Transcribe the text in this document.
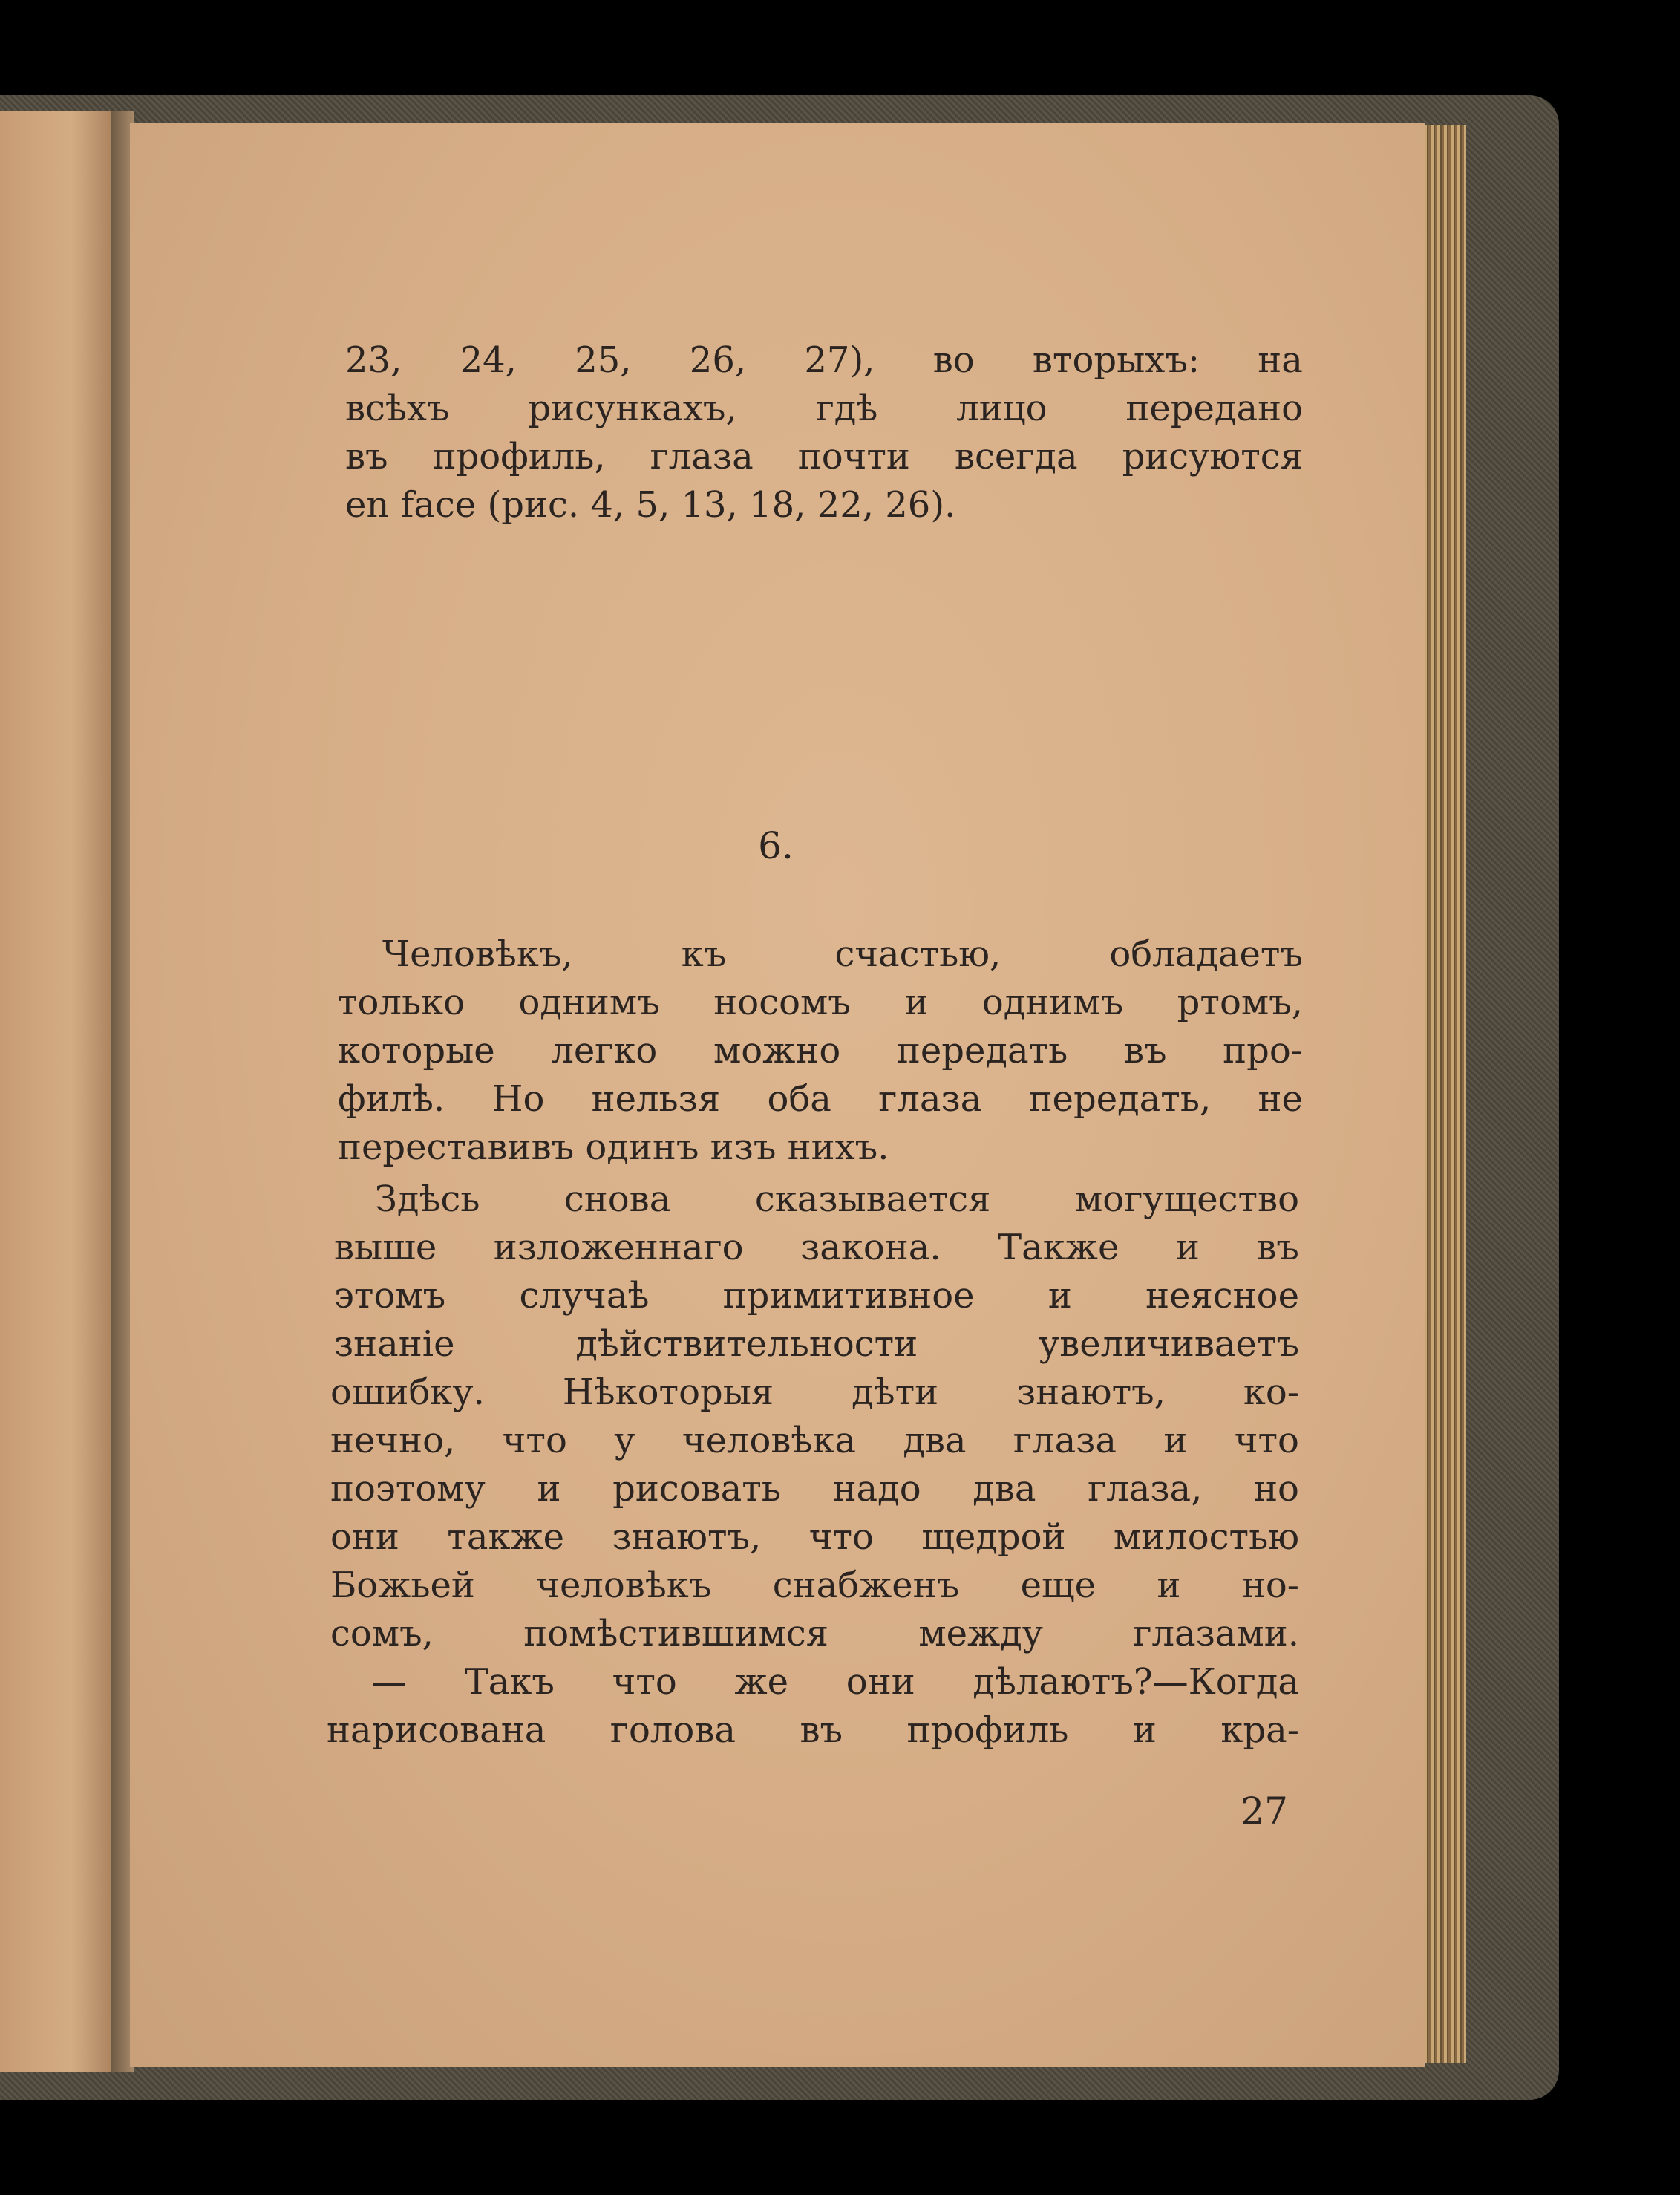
23, 24, 25, 26, 27), во вторыхъ: на
всѣхъ рисункахъ, гдѣ лицо передано
въ профиль, глаза почти всегда рисуются
en face (рис. 4, 5, 13, 18, 22, 26).
6.
Человѣкъ,	къ	счастью,	обладаетъ
только однимъ носомъ и однимъ ртомъ,
которые легко можно передать въ про-
филѣ. Но нельзя оба глаза передать, не
переставивъ одинъ изъ нихъ.
Здѣсь снова сказывается могущество
выше изложеннаго закона. Также и въ
этомъ случаѣ примитивное и неясное
знаніе	дѣйствительности	увеличиваетъ
ошибку. Нѣкоторыя дѣти знаютъ, ко-
нечно, что у человѣка два глаза и что
поэтому и рисовать надо два глаза, но
они также знаютъ, что щедрой милостью
Божьей человѣкъ снабженъ еще и но-
сомъ,	помѣстившимся	между	глазами.
— Такъ что же они дѣлаютъ?—Когда
нарисована голова въ профиль и кра-
27
